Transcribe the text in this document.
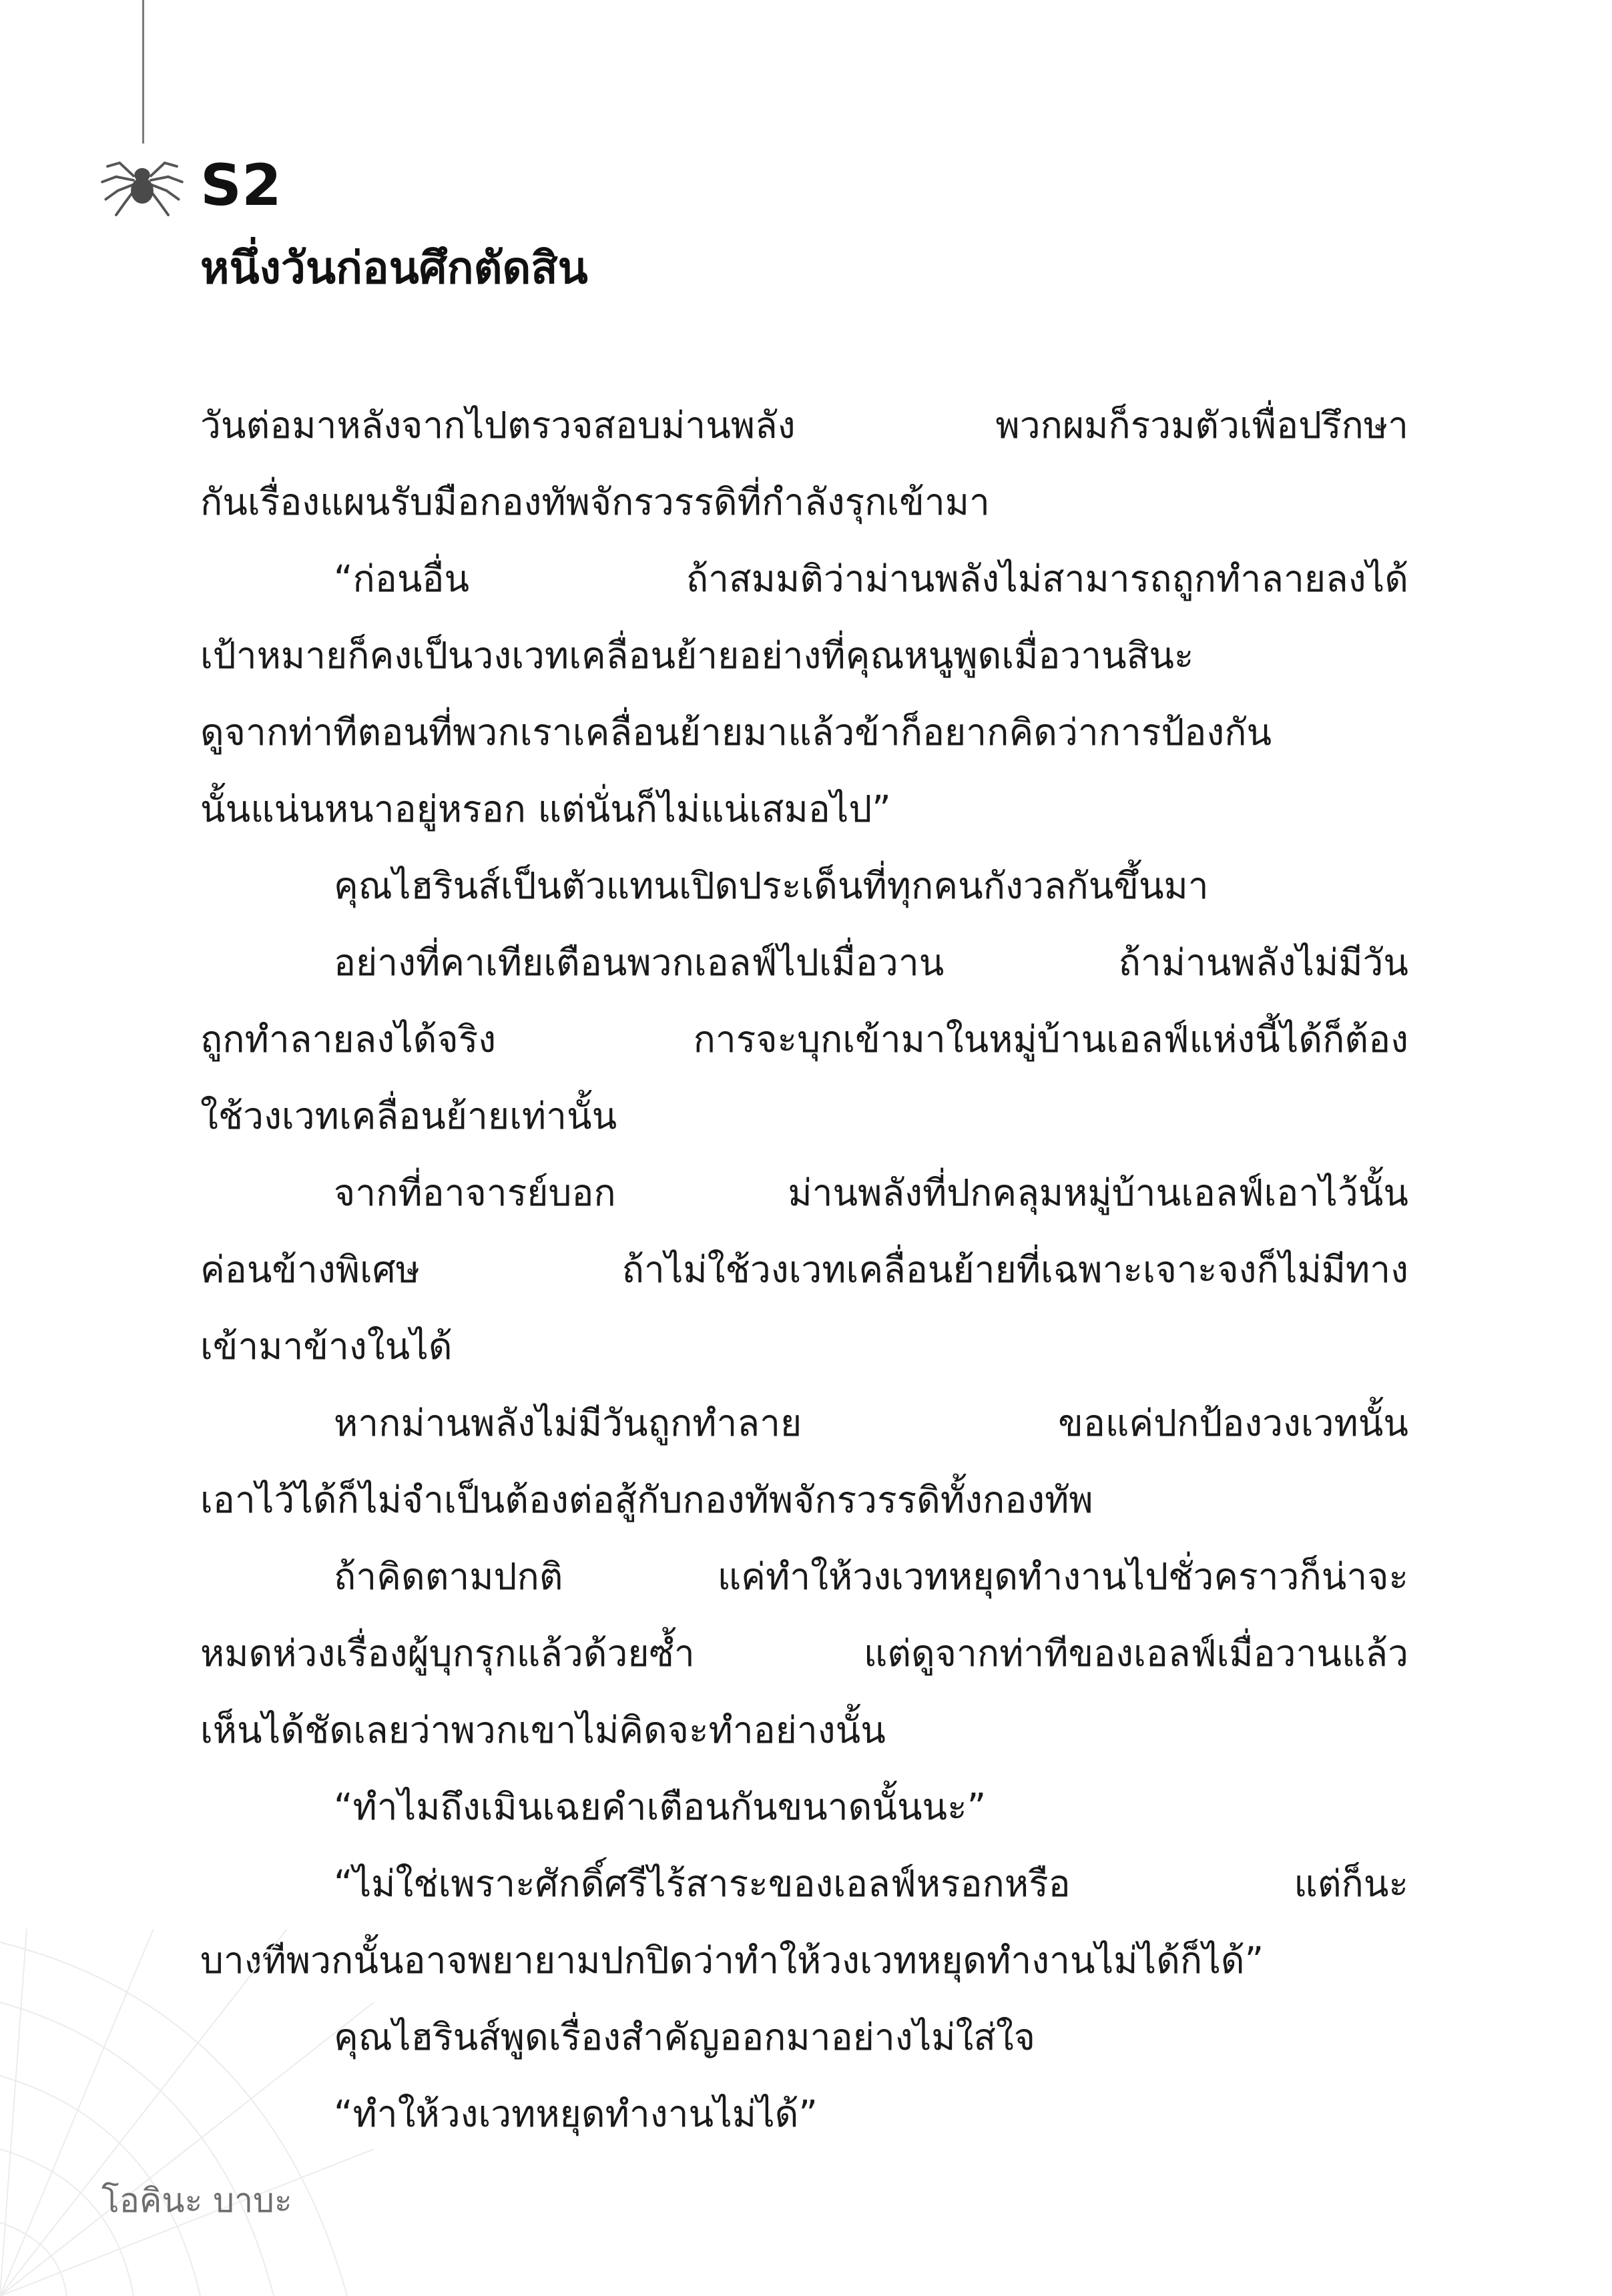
S2
หนึ่งวันก่อนศึกตัดสิน
วันต่อมาหลังจากไปตรวจสอบม่านพลัง พวกผมก็รวมตัวเพื่อปรึกษา
กันเรื่องแผนรับมือกองทัพจักรวรรดิที่กำลังรุกเข้ามา
“ก่อนอื่น ถ้าสมมติว่าม่านพลังไม่สามารถถูกทำลายลงได้
เป้าหมายก็คงเป็นวงเวทเคลื่อนย้ายอย่างที่คุณหนูพูดเมื่อวานสินะ
ดูจากท่าทีตอนที่พวกเราเคลื่อนย้ายมาแล้วข้าก็อยากคิดว่าการป้องกัน
นั้นแน่นหนาอยู่หรอก แต่นั่นก็ไม่แน่เสมอไป”
คุณไฮรินส์เป็นตัวแทนเปิดประเด็นที่ทุกคนกังวลกันขึ้นมา
อย่างที่คาเทียเตือนพวกเอลฟ์ไปเมื่อวาน ถ้าม่านพลังไม่มีวัน
ถูกทำลายลงได้จริง การจะบุกเข้ามาในหมู่บ้านเอลฟ์แห่งนี้ได้ก็ต้อง
ใช้วงเวทเคลื่อนย้ายเท่านั้น
จากที่อาจารย์บอก ม่านพลังที่ปกคลุมหมู่บ้านเอลฟ์เอาไว้นั้น
ค่อนข้างพิเศษ ถ้าไม่ใช้วงเวทเคลื่อนย้ายที่เฉพาะเจาะจงก็ไม่มีทาง
เข้ามาข้างในได้
หากม่านพลังไม่มีวันถูกทำลาย ขอแค่ปกป้องวงเวทนั้น
เอาไว้ได้ก็ไม่จำเป็นต้องต่อสู้กับกองทัพจักรวรรดิทั้งกองทัพ
ถ้าคิดตามปกติ แค่ทำให้วงเวทหยุดทำงานไปชั่วคราวก็น่าจะ
หมดห่วงเรื่องผู้บุกรุกแล้วด้วยซ้ำ แต่ดูจากท่าทีของเอลฟ์เมื่อวานแล้ว
เห็นได้ชัดเลยว่าพวกเขาไม่คิดจะทำอย่างนั้น
“ทำไมถึงเมินเฉยคำเตือนกันขนาดนั้นนะ”
“ไม่ใช่เพราะศักดิ์ศรีไร้สาระของเอลฟ์หรอกหรือ แต่ก็นะ
บางทีพวกนั้นอาจพยายามปกปิดว่าทำให้วงเวทหยุดทำงานไม่ได้ก็ได้”
คุณไฮรินส์พูดเรื่องสำคัญออกมาอย่างไม่ใส่ใจ
“ทำให้วงเวทหยุดทำงานไม่ได้”
โอคินะ บาบะ
